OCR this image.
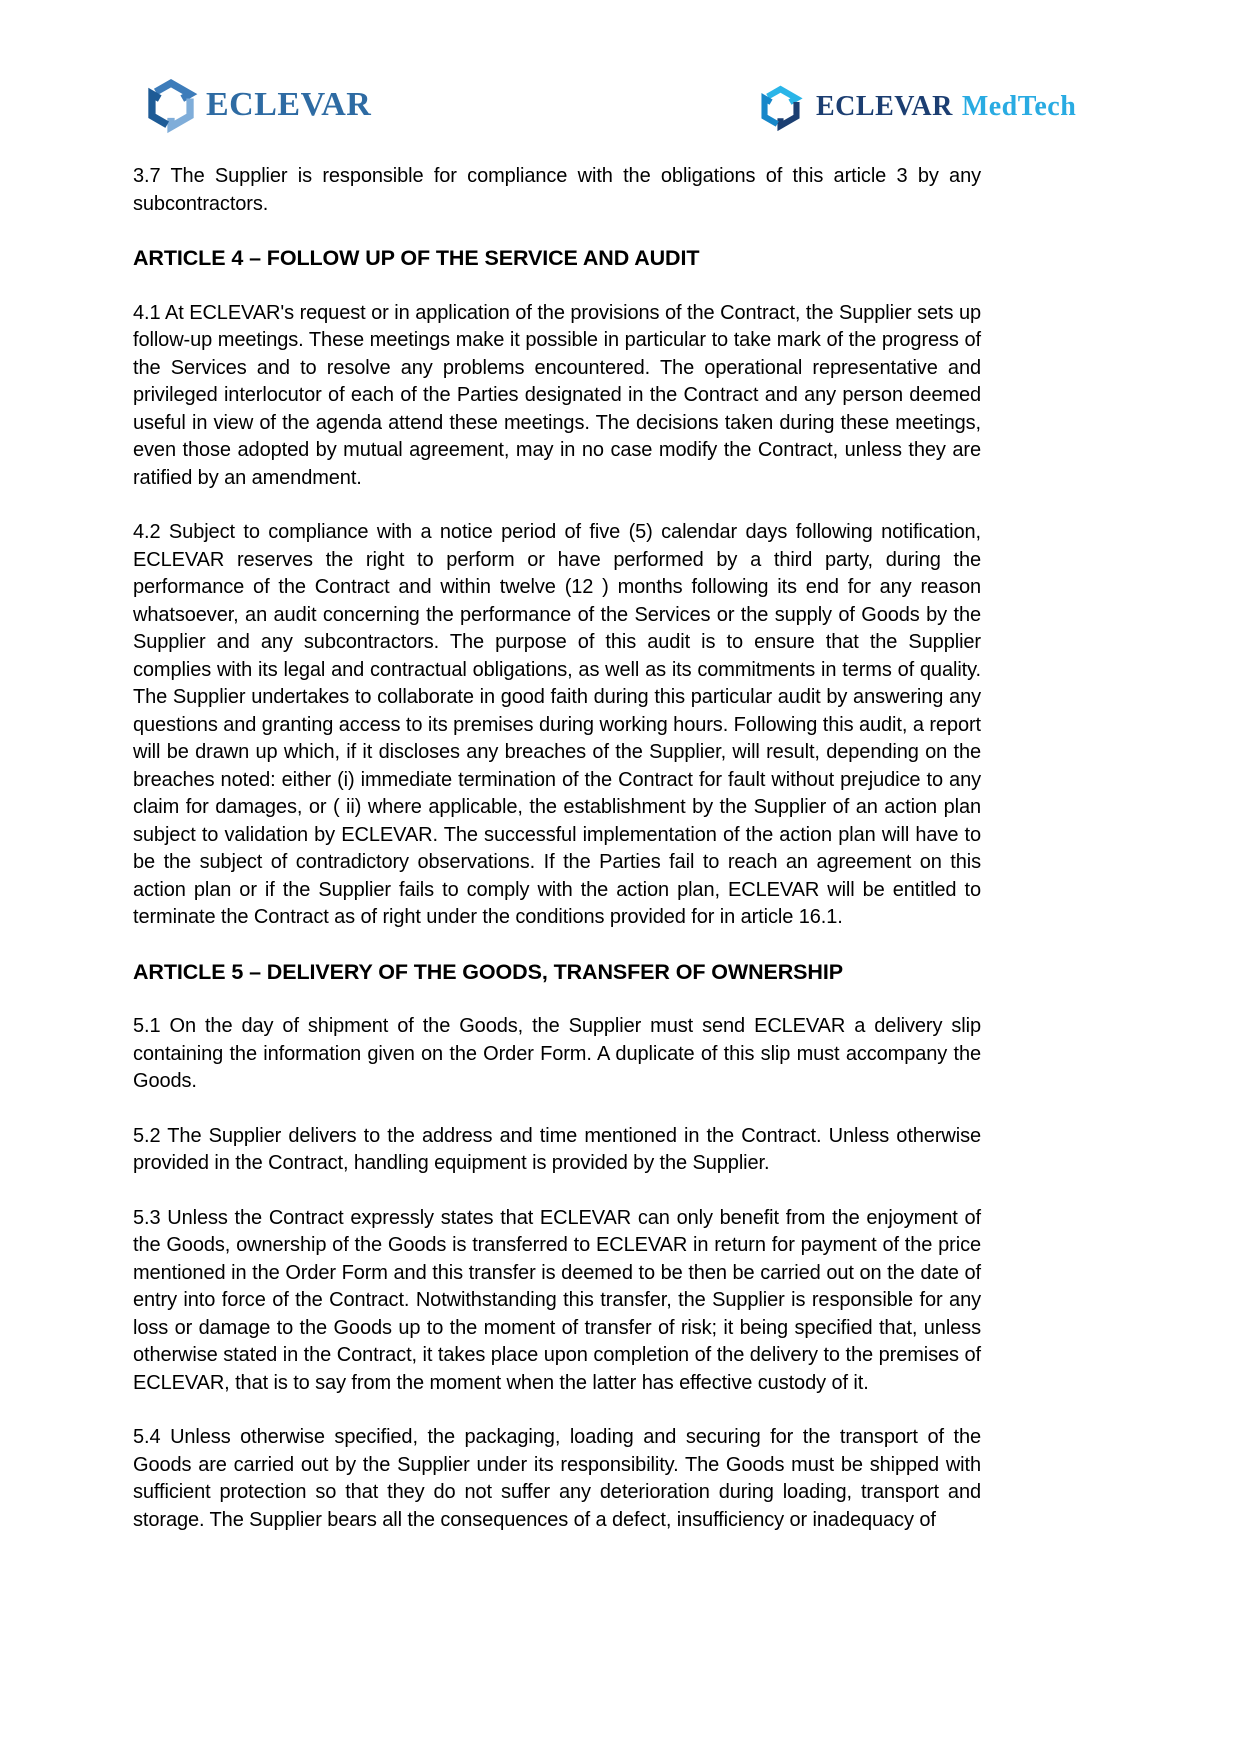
ECLEVAR	ECLEVAR MedTech

3.7 The Supplier is responsible for compliance with the obligations of this article 3 by any subcontractors.

ARTICLE 4 – FOLLOW UP OF THE SERVICE AND AUDIT

4.1 At ECLEVAR's request or in application of the provisions of the Contract, the Supplier sets up follow-up meetings. These meetings make it possible in particular to take mark of the progress of the Services and to resolve any problems encountered. The operational representative and privileged interlocutor of each of the Parties designated in the Contract and any person deemed useful in view of the agenda attend these meetings. The decisions taken during these meetings, even those adopted by mutual agreement, may in no case modify the Contract, unless they are ratified by an amendment.

4.2 Subject to compliance with a notice period of five (5) calendar days following notification, ECLEVAR reserves the right to perform or have performed by a third party, during the performance of the Contract and within twelve (12 ) months following its end for any reason whatsoever, an audit concerning the performance of the Services or the supply of Goods by the Supplier and any subcontractors. The purpose of this audit is to ensure that the Supplier complies with its legal and contractual obligations, as well as its commitments in terms of quality. The Supplier undertakes to collaborate in good faith during this particular audit by answering any questions and granting access to its premises during working hours. Following this audit, a report will be drawn up which, if it discloses any breaches of the Supplier, will result, depending on the breaches noted: either (i) immediate termination of the Contract for fault without prejudice to any claim for damages, or ( ii) where applicable, the establishment by the Supplier of an action plan subject to validation by ECLEVAR. The successful implementation of the action plan will have to be the subject of contradictory observations. If the Parties fail to reach an agreement on this action plan or if the Supplier fails to comply with the action plan, ECLEVAR will be entitled to terminate the Contract as of right under the conditions provided for in article 16.1.

ARTICLE 5 – DELIVERY OF THE GOODS, TRANSFER OF OWNERSHIP

5.1 On the day of shipment of the Goods, the Supplier must send ECLEVAR a delivery slip containing the information given on the Order Form. A duplicate of this slip must accompany the Goods.

5.2 The Supplier delivers to the address and time mentioned in the Contract. Unless otherwise provided in the Contract, handling equipment is provided by the Supplier.

5.3 Unless the Contract expressly states that ECLEVAR can only benefit from the enjoyment of the Goods, ownership of the Goods is transferred to ECLEVAR in return for payment of the price mentioned in the Order Form and this transfer is deemed to be then be carried out on the date of entry into force of the Contract. Notwithstanding this transfer, the Supplier is responsible for any loss or damage to the Goods up to the moment of transfer of risk; it being specified that, unless otherwise stated in the Contract, it takes place upon completion of the delivery to the premises of ECLEVAR, that is to say from the moment when the latter has effective custody of it.

5.4 Unless otherwise specified, the packaging, loading and securing for the transport of the Goods are carried out by the Supplier under its responsibility. The Goods must be shipped with sufficient protection so that they do not suffer any deterioration during loading, transport and storage. The Supplier bears all the consequences of a defect, insufficiency or inadequacy of
